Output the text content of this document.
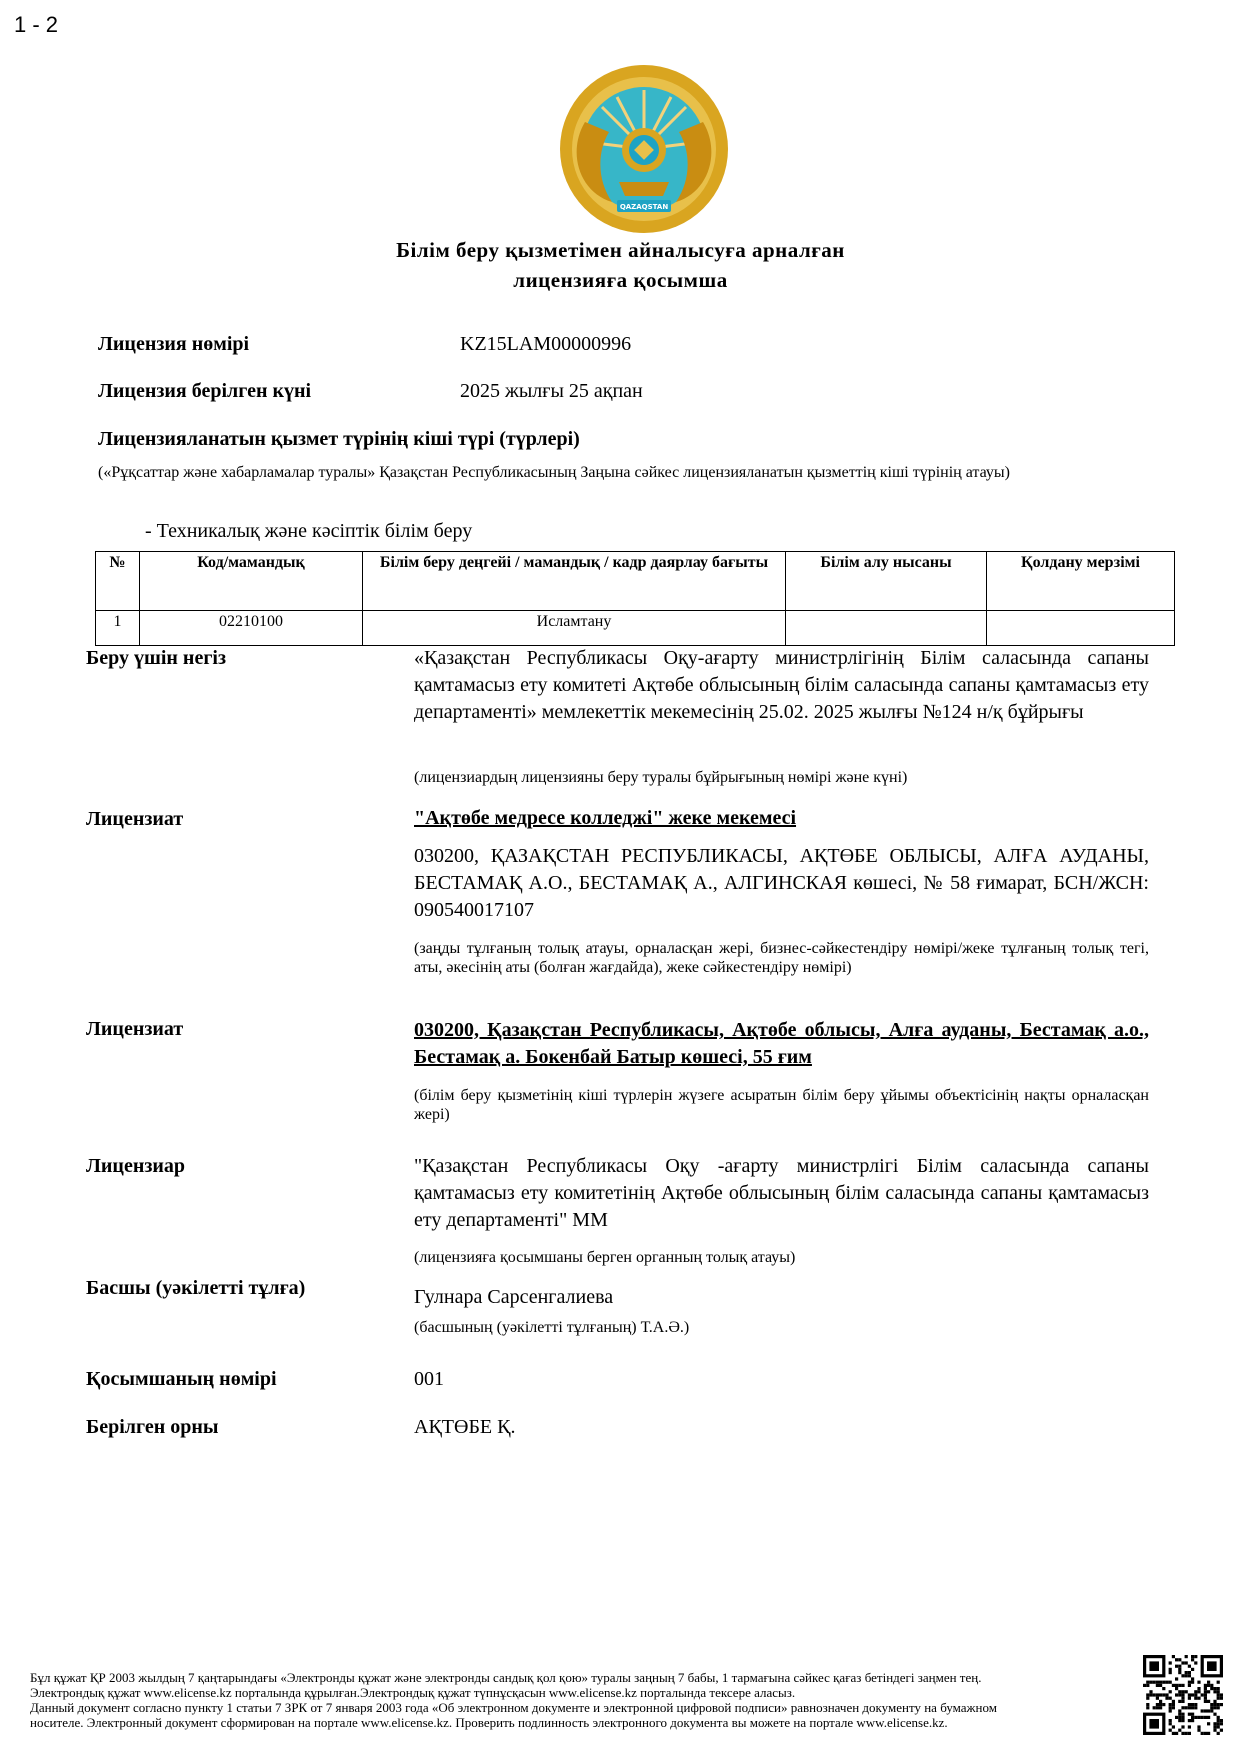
1 - 2
QAZAQSTAN
Білім беру қызметімен айналысуға арналған
лицензияға қосымша
Лицензия нөмірі	KZ15LAM00000996
Лицензия берілген күні	2025 жылғы 25 ақпан
Лицензияланатын қызмет түрінің кіші түрі (түрлері)
(«Рұқсаттар және хабарламалар туралы» Қазақстан Республикасының Заңына сәйкес лицензияланатын қызметтің кіші түрінің атауы)
- Техникалық және кәсіптік білім беру
№	Код/мамандық	Білім беру деңгейі / мамандық / кадр даярлау бағыты	Білім алу нысаны	Қолдану мерзімі
1	02210100	Исламтану		
Беру үшін негіз	«Қазақстан Республикасы Оқу-ағарту министрлігінің Білім саласында сапаны қамтамасыз ету комитеті Ақтөбе облысының білім саласында сапаны қамтамасыз ету департаменті» мемлекеттік мекемесінің 25.02. 2025 жылғы №124 н/қ бұйрығы
(лицензиардың лицензияны беру туралы бұйрығының нөмірі және күні)
Лицензиат	"Ақтөбе медресе колледжі" жеке мекемесі
030200, ҚАЗАҚСТАН РЕСПУБЛИКАСЫ, АҚТӨБЕ ОБЛЫСЫ, АЛҒА АУДАНЫ, БЕСТАМАҚ А.О., БЕСТАМАҚ А., АЛГИНСКАЯ көшесі, № 58 ғимарат, БСН/ЖСН: 090540017107
(заңды тұлғаның толық атауы, орналасқан жері, бизнес-сәйкестендіру нөмірі/жеке тұлғаның толық тегі, аты, әкесінің аты (болған жағдайда), жеке сәйкестендіру нөмірі)
Лицензиат	030200, Қазақстан Республикасы, Ақтөбе облысы, Алға ауданы, Бестамақ а.о., Бестамақ а. Бокенбай Батыр көшесі, 55 ғим
(білім беру қызметінің кіші түрлерін жүзеге асыратын білім беру ұйымы объектісінің нақты орналасқан жері)
Лицензиар	"Қазақстан Республикасы Оқу -ағарту министрлігі Білім саласында сапаны қамтамасыз ету комитетінің Ақтөбе облысының білім саласында сапаны қамтамасыз ету департаменті" ММ
(лицензияға қосымшаны берген органның толық атауы)
Басшы (уәкілетті тұлға)	Гулнара Сарсенгалиева
(басшының (уәкілетті тұлғаның) Т.А.Ә.)
Қосымшаның нөмірі	001
Берілген орны	АҚТӨБЕ Қ.
Бұл құжат ҚР 2003 жылдың 7 қаңтарындағы «Электронды құжат және электронды сандық қол қою» туралы заңның 7 бабы, 1 тармағына сәйкес қағаз бетіндегі заңмен тең.
Электрондық құжат www.elicense.kz порталында құрылған.Электрондық құжат түпнұсқасын www.elicense.kz порталында тексере аласыз.
Данный документ согласно пункту 1 статьи 7 ЗРК от 7 января 2003 года «Об электронном документе и электронной цифровой подписи» равнозначен документу на бумажном
носителе. Электронный документ сформирован на портале www.elicense.kz. Проверить подлинность электронного документа вы можете на портале www.elicense.kz.
